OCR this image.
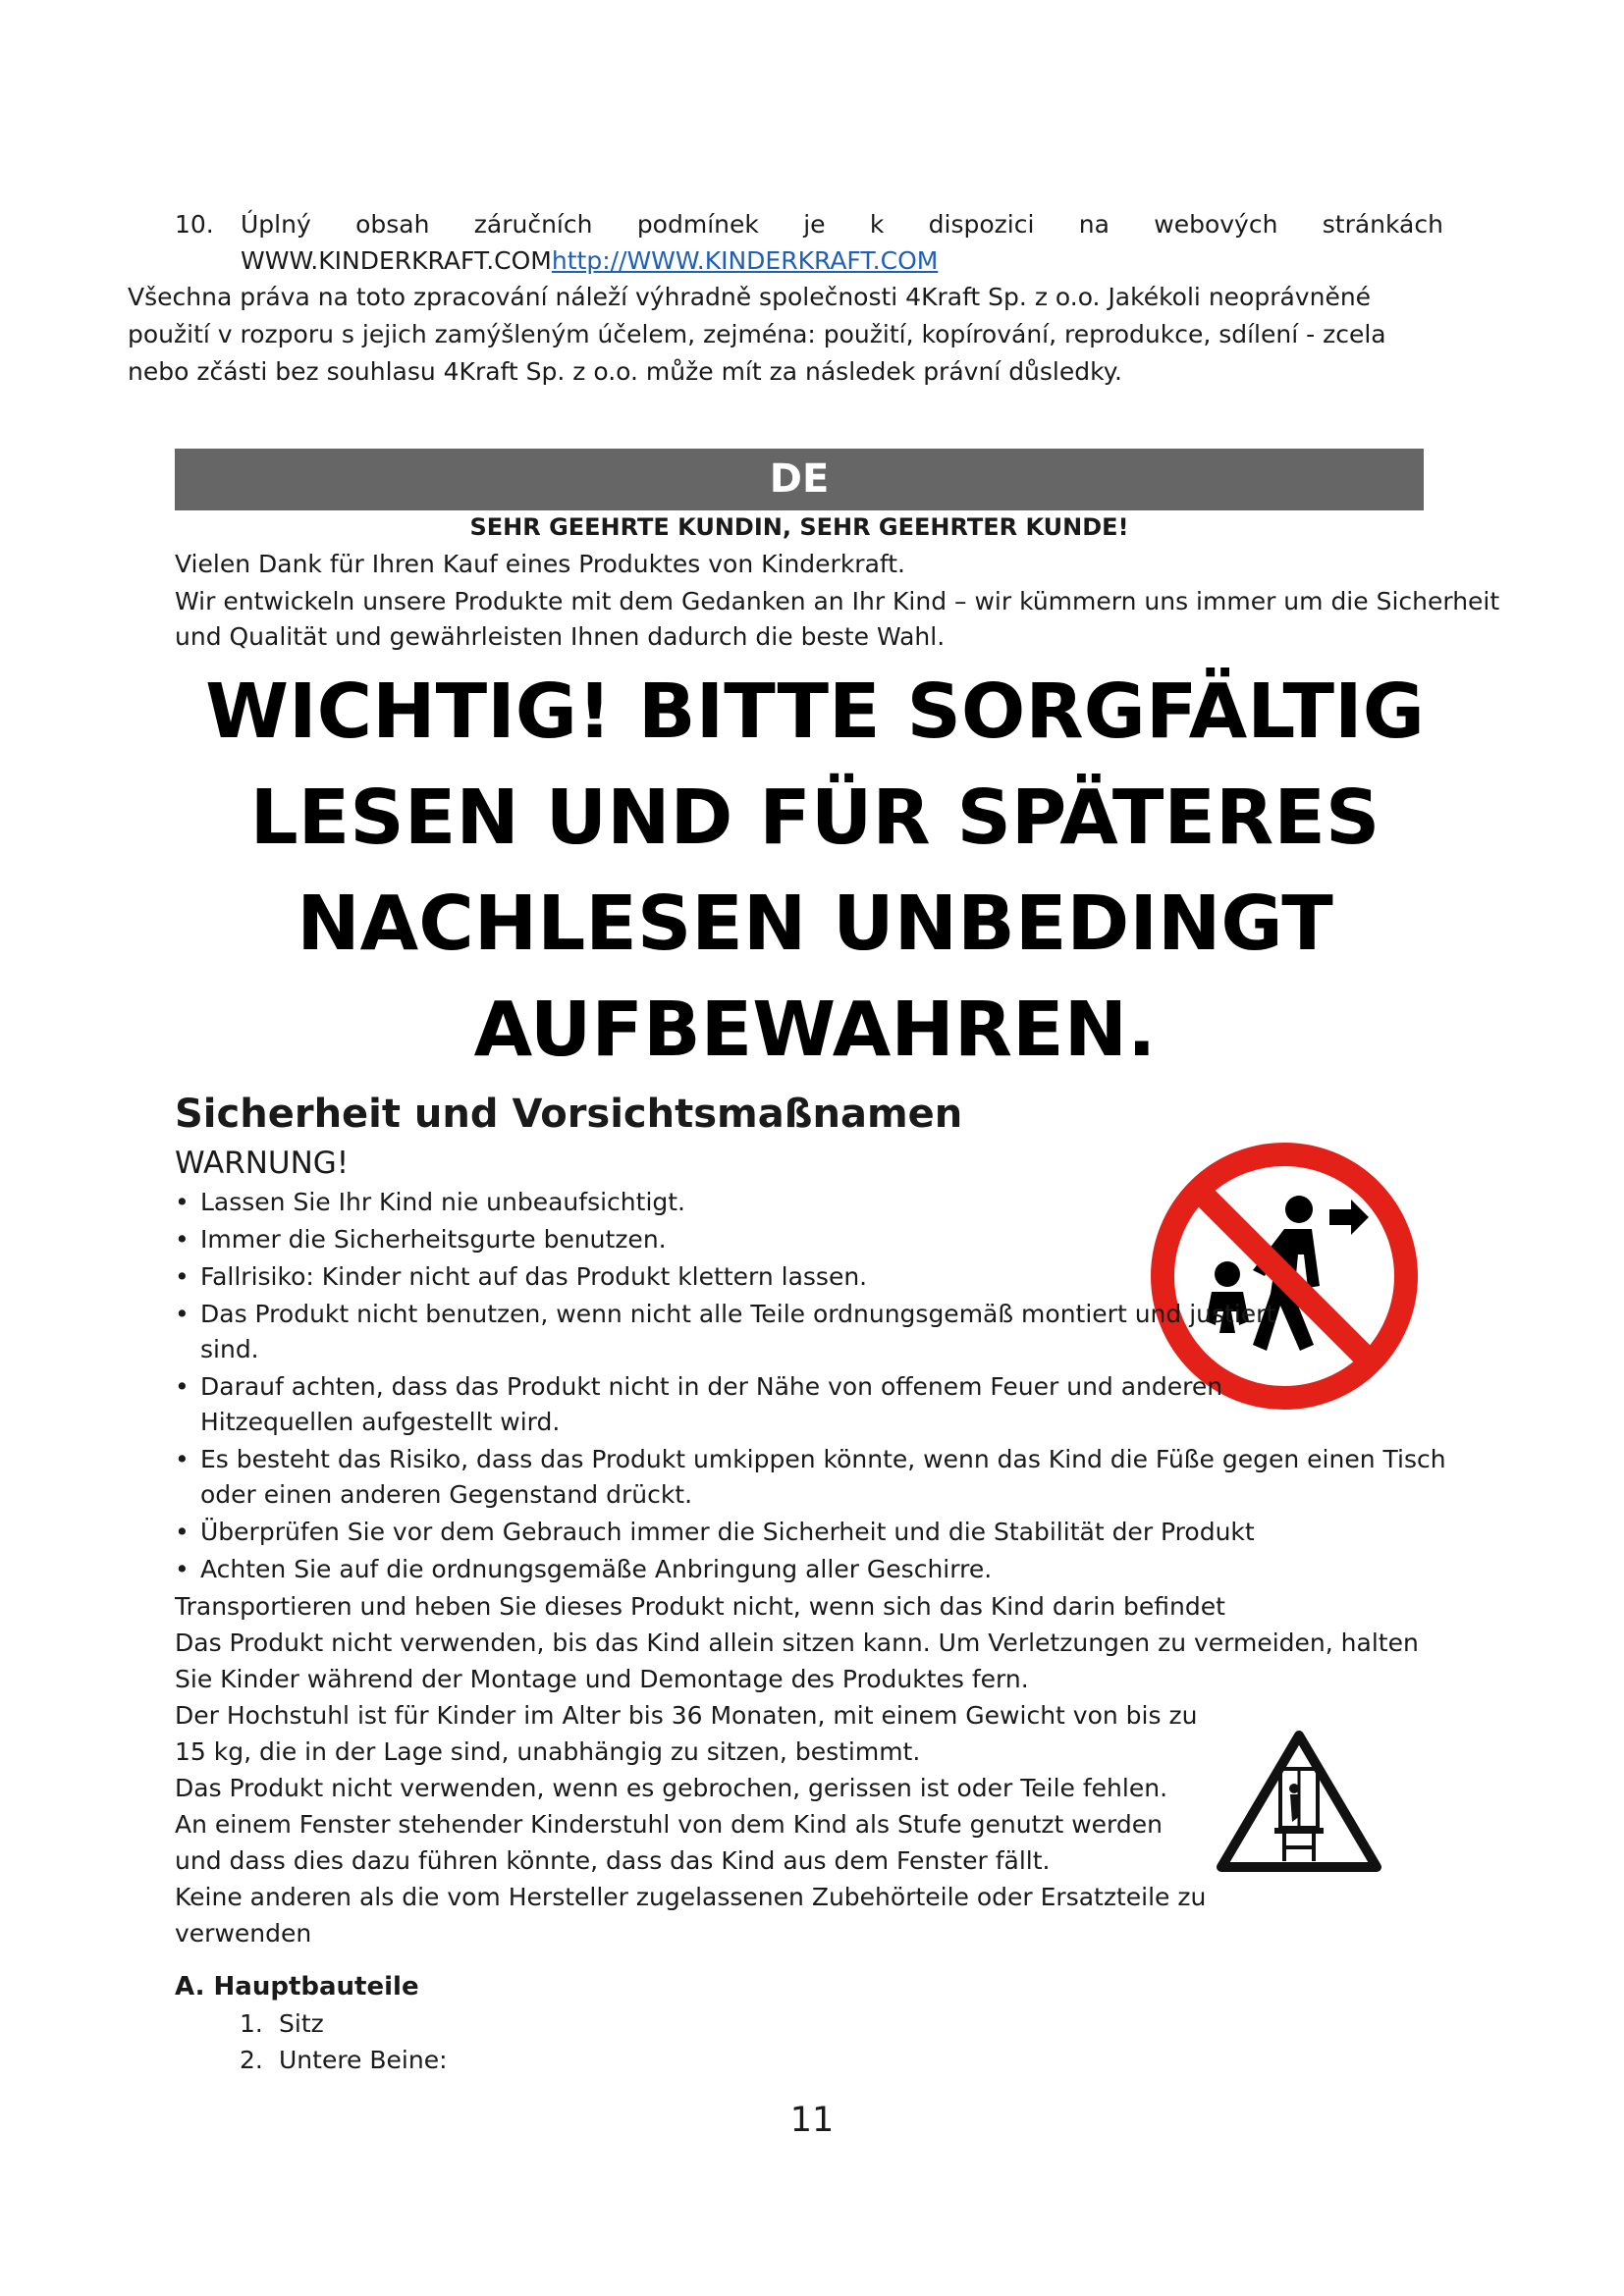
10. Úplný obsah záručních podmínek je k dispozici na webových stránkách
WWW.KINDERKRAFT.COMhttp://WWW.KINDERKRAFT.COM
Všechna práva na toto zpracování náleží výhradně společnosti 4Kraft Sp. z o.o. Jakékoli neoprávněné použití v rozporu s jejich zamýšleným účelem, zejména: použití, kopírování, reprodukce, sdílení - zcela nebo zčásti bez souhlasu 4Kraft Sp. z o.o. může mít za následek právní důsledky.
DE
SEHR GEEHRTE KUNDIN, SEHR GEEHRTER KUNDE!
Vielen Dank für Ihren Kauf eines Produktes von Kinderkraft.
Wir entwickeln unsere Produkte mit dem Gedanken an Ihr Kind – wir kümmern uns immer um die Sicherheit
und Qualität und gewährleisten Ihnen dadurch die beste Wahl.
WICHTIG! BITTE SORGFÄLTIG
LESEN UND FÜR SPÄTERES
NACHLESEN UNBEDINGT
AUFBEWAHREN.
Sicherheit und Vorsichtsmaßnamen
WARNUNG!
• Lassen Sie Ihr Kind nie unbeaufsichtigt.
• Immer die Sicherheitsgurte benutzen.
• Fallrisiko: Kinder nicht auf das Produkt klettern lassen.
• Das Produkt nicht benutzen, wenn nicht alle Teile ordnungsgemäß montiert und justiert sind.
• Darauf achten, dass das Produkt nicht in der Nähe von offenem Feuer und anderen Hitzequellen aufgestellt wird.
• Es besteht das Risiko, dass das Produkt umkippen könnte, wenn das Kind die Füße gegen einen Tisch oder einen anderen Gegenstand drückt.
• Überprüfen Sie vor dem Gebrauch immer die Sicherheit und die Stabilität der Produkt
• Achten Sie auf die ordnungsgemäße Anbringung aller Geschirre.
Transportieren und heben Sie dieses Produkt nicht, wenn sich das Kind darin befindet
Das Produkt nicht verwenden, bis das Kind allein sitzen kann. Um Verletzungen zu vermeiden, halten Sie Kinder während der Montage und Demontage des Produktes fern.
Der Hochstuhl ist für Kinder im Alter bis 36 Monaten, mit einem Gewicht von bis zu 15 kg, die in der Lage sind, unabhängig zu sitzen, bestimmt.
Das Produkt nicht verwenden, wenn es gebrochen, gerissen ist oder Teile fehlen.
An einem Fenster stehender Kinderstuhl von dem Kind als Stufe genutzt werden und dass dies dazu führen könnte, dass das Kind aus dem Fenster fällt.
Keine anderen als die vom Hersteller zugelassenen Zubehörteile oder Ersatzteile zu verwenden
A. Hauptbauteile
1. Sitz
2. Untere Beine:
11
